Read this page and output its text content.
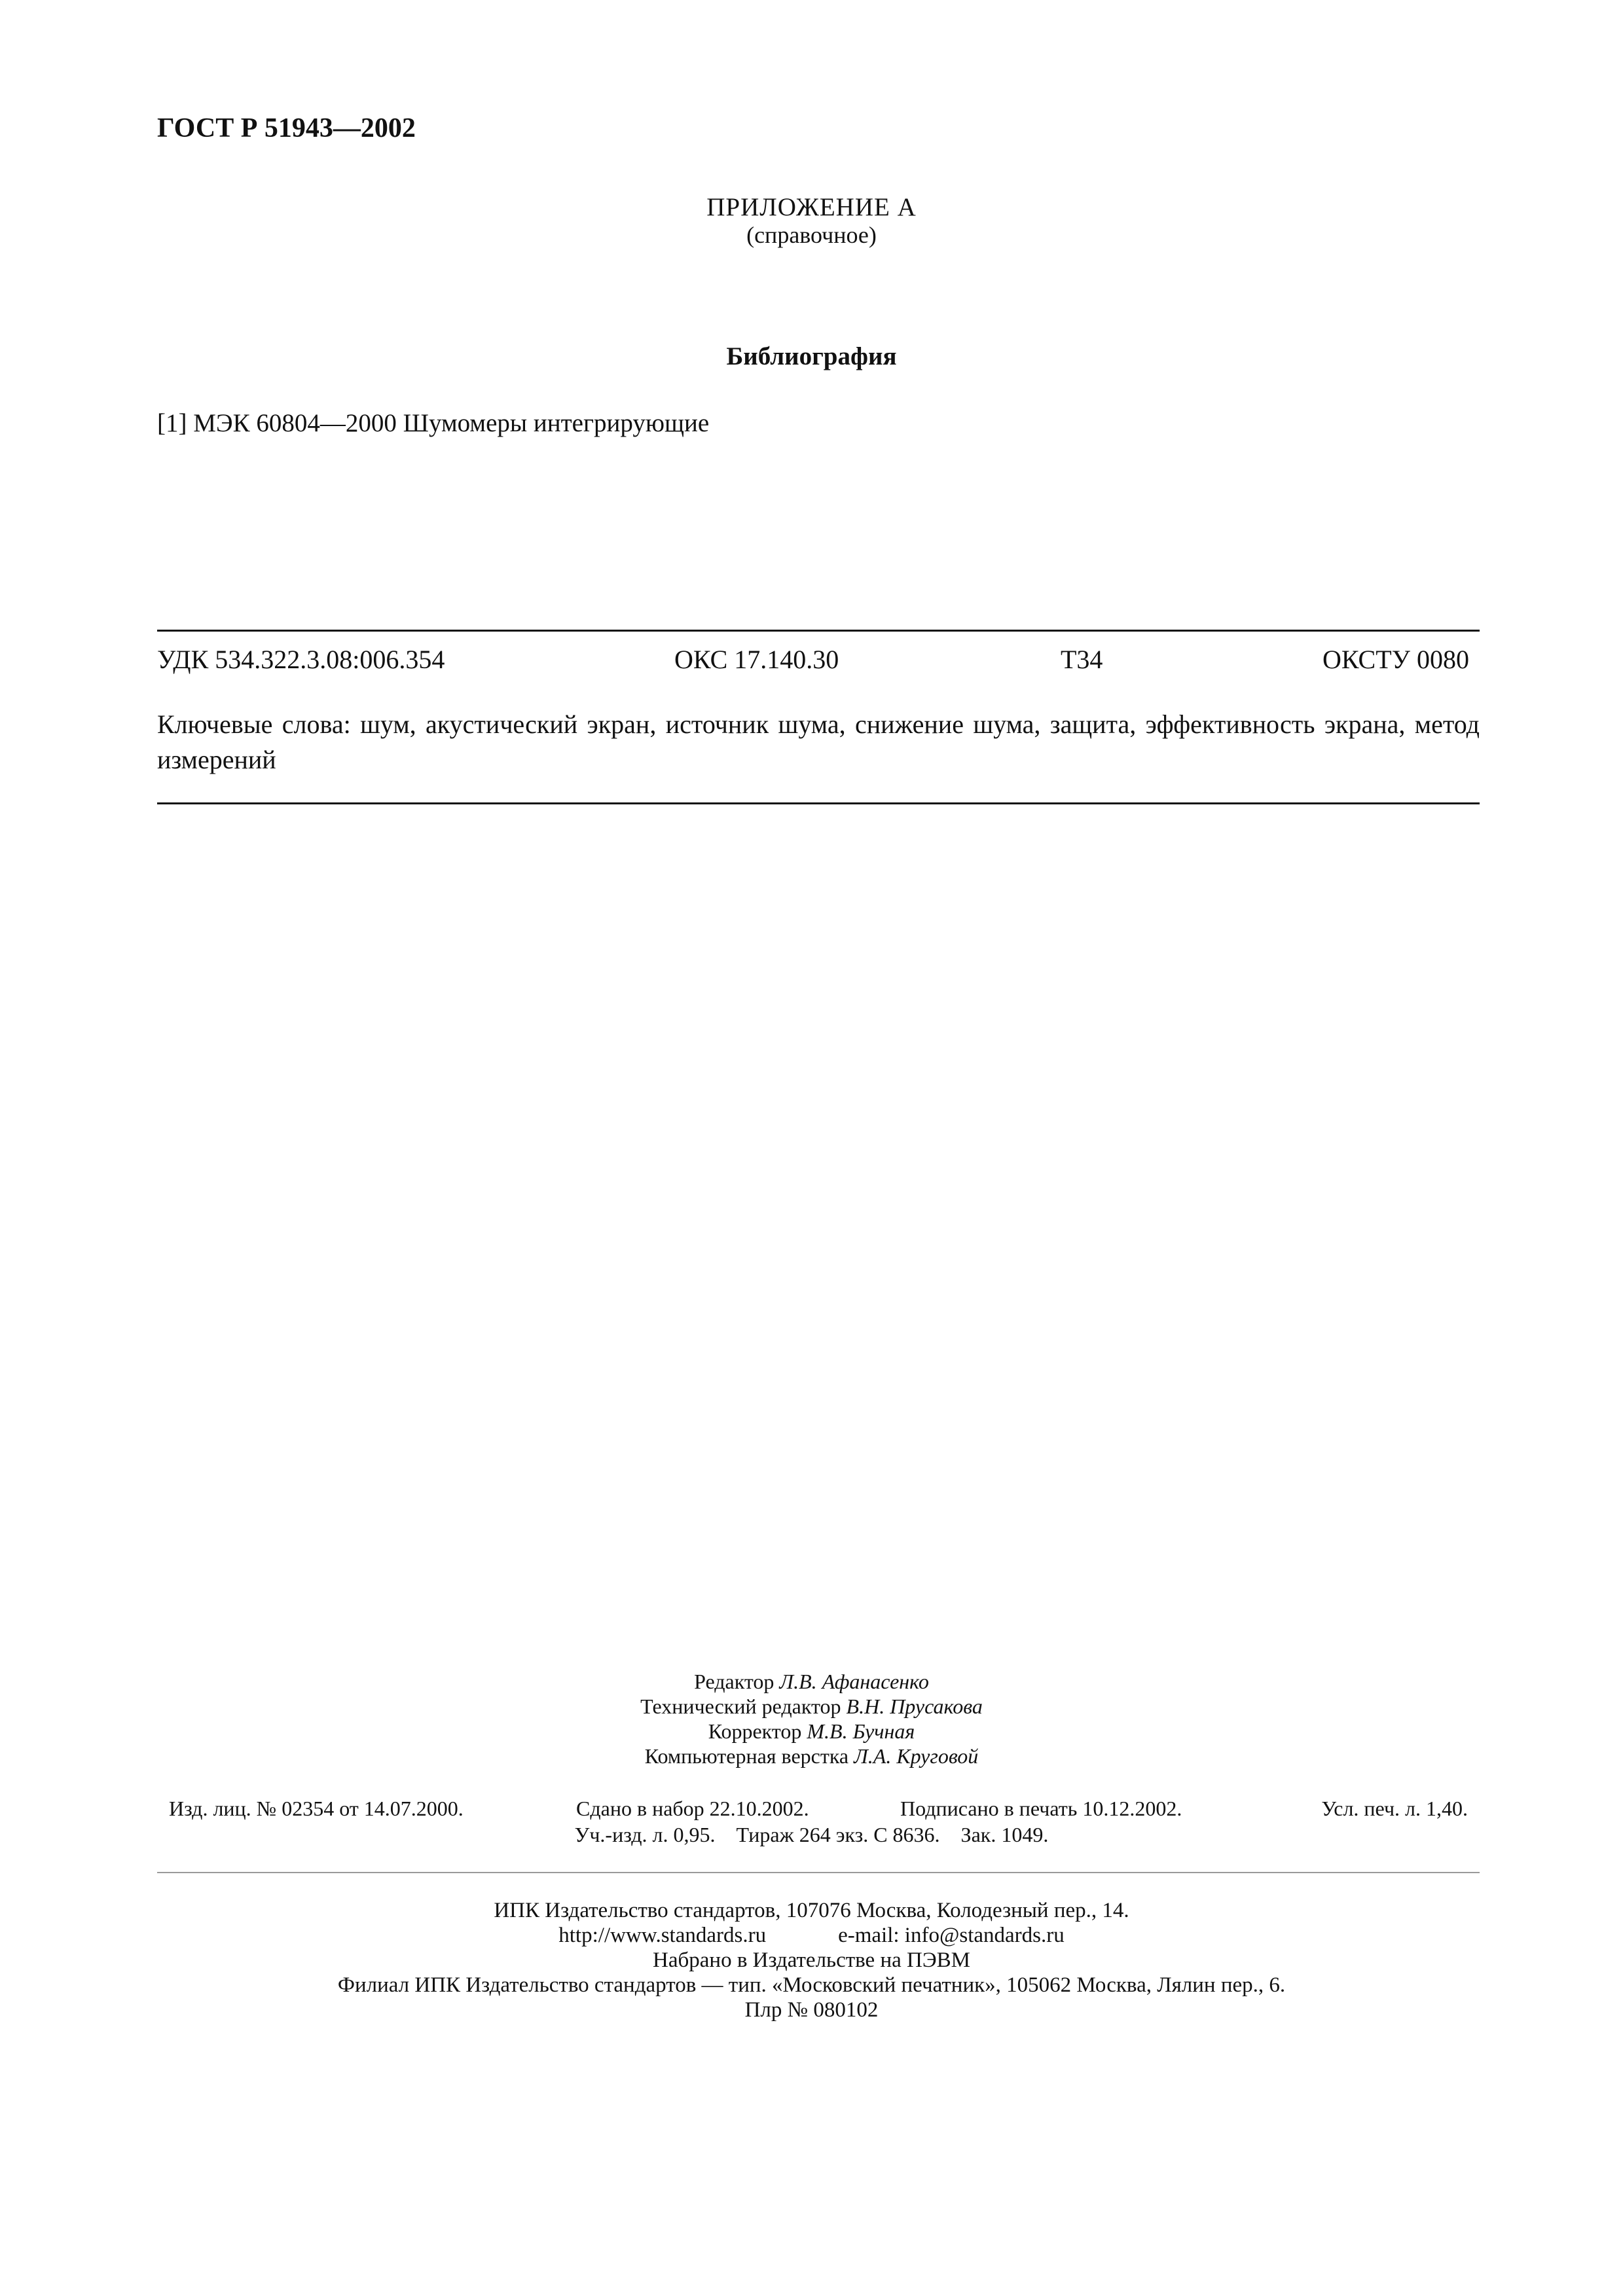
ГОСТ Р 51943—2002
ПРИЛОЖЕНИЕ А
(справочное)
Библиография
[1] МЭК 60804—2000 Шумомеры интегрирующие
УДК 534.322.3.08:006.354	ОКС 17.140.30	Т34	ОКСТУ 0080
Ключевые слова: шум, акустический экран, источник шума, снижение шума, защита, эффективность экрана, метод измерений
Редактор Л.В. Афанасенко
Технический редактор В.Н. Прусакова
Корректор М.В. Бучная
Компьютерная верстка Л.А. Круговой
Изд. лиц. № 02354 от 14.07.2000.	Сдано в набор 22.10.2002.	Подписано в печать 10.12.2002.	Усл. печ. л. 1,40.
Уч.-изд. л. 0,95.    Тираж 264 экз. С 8636.    Зак. 1049.
ИПК Издательство стандартов, 107076 Москва, Колодезный пер., 14.
http://www.standards.ru	e-mail: info@standards.ru
Набрано в Издательстве на ПЭВМ
Филиал ИПК Издательство стандартов — тип. «Московский печатник», 105062 Москва, Лялин пер., 6.
Плр № 080102
